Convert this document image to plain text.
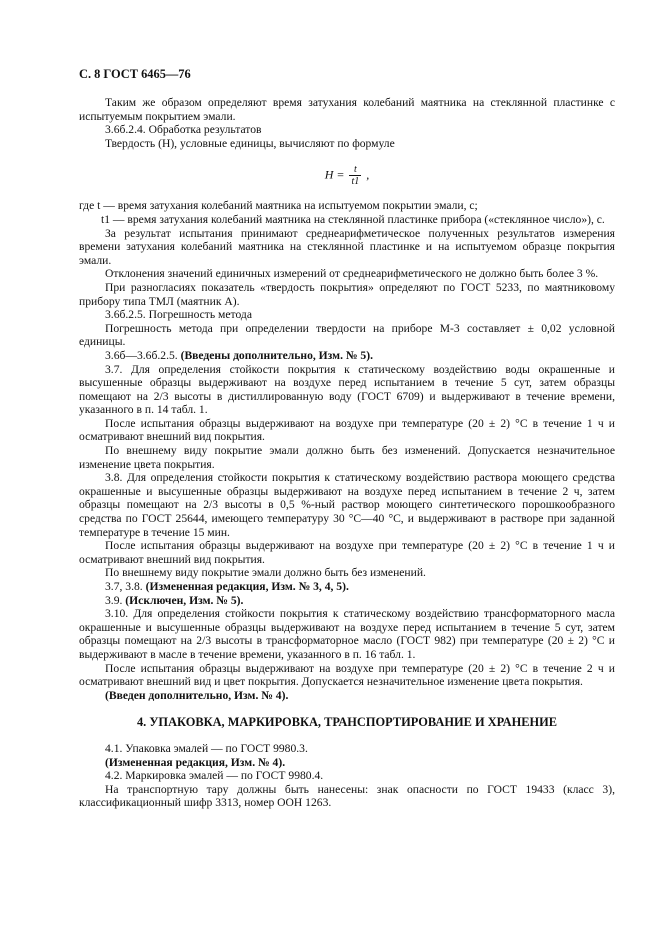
С. 8 ГОСТ 6465—76

Таким же образом определяют время затухания колебаний маятника на стеклянной пластинке с испытуемым покрытием эмали.

3.6б.2.4. Обработка результатов

Твердость (H), условные единицы, вычисляют по формуле

$H = \frac{t}{t1}$ ,

где t — время затухания колебаний маятника на испытуемом покрытии эмали, с;

t1 — время затухания колебаний маятника на стеклянной пластинке прибора («стеклянное число»), с.

За результат испытания принимают среднеарифметическое полученных результатов измерения времени затухания колебаний маятника на стеклянной пластинке и на испытуемом образце покрытия эмали.

Отклонения значений единичных измерений от среднеарифметического не должно быть более 3 %.

При разногласиях показатель «твердость покрытия» определяют по ГОСТ 5233, по маятниковому прибору типа ТМЛ (маятник А).

3.6б.2.5. Погрешность метода

Погрешность метода при определении твердости на приборе М-3 составляет ± 0,02 условной единицы.

3.6б—3.6б.2.5. (Введены дополнительно, Изм. № 5).

3.7. Для определения стойкости покрытия к статическому воздействию воды окрашенные и высушенные образцы выдерживают на воздухе перед испытанием в течение 5 сут, затем образцы помещают на 2/3 высоты в дистиллированную воду (ГОСТ 6709) и выдерживают в течение времени, указанного в п. 14 табл. 1.

После испытания образцы выдерживают на воздухе при температуре (20 ± 2) °С в течение 1 ч и осматривают внешний вид покрытия.

По внешнему виду покрытие эмали должно быть без изменений. Допускается незначительное изменение цвета покрытия.

3.8. Для определения стойкости покрытия к статическому воздействию раствора моющего средства окрашенные и высушенные образцы выдерживают на воздухе перед испытанием в течение 2 ч, затем образцы помещают на 2/3 высоты в 0,5 %-ный раствор моющего синтетического порошкообразного средства по ГОСТ 25644, имеющего температуру 30 °С—40 °С, и выдерживают в растворе при заданной температуре в течение 15 мин.

После испытания образцы выдерживают на воздухе при температуре (20 ± 2) °С в течение 1 ч и осматривают внешний вид покрытия.

По внешнему виду покрытие эмали должно быть без изменений.

3.7, 3.8. (Измененная редакция, Изм. № 3, 4, 5).

3.9. (Исключен, Изм. № 5).

3.10. Для определения стойкости покрытия к статическому воздействию трансформаторного масла окрашенные и высушенные образцы выдерживают на воздухе перед испытанием в течение 5 сут, затем образцы помещают на 2/3 высоты в трансформаторное масло (ГОСТ 982) при температуре (20 ± 2) °С и выдерживают в масле в течение времени, указанного в п. 16 табл. 1.

После испытания образцы выдерживают на воздухе при температуре (20 ± 2) °С в течение 2 ч и осматривают внешний вид и цвет покрытия. Допускается незначительное изменение цвета покрытия.

(Введен дополнительно, Изм. № 4).

4. УПАКОВКА, МАРКИРОВКА, ТРАНСПОРТИРОВАНИЕ И ХРАНЕНИЕ

4.1. Упаковка эмалей — по ГОСТ 9980.3.

(Измененная редакция, Изм. № 4).

4.2. Маркировка эмалей — по ГОСТ 9980.4.

На транспортную тару должны быть нанесены: знак опасности по ГОСТ 19433 (класс 3), классификационный шифр 3313, номер ООН 1263.
